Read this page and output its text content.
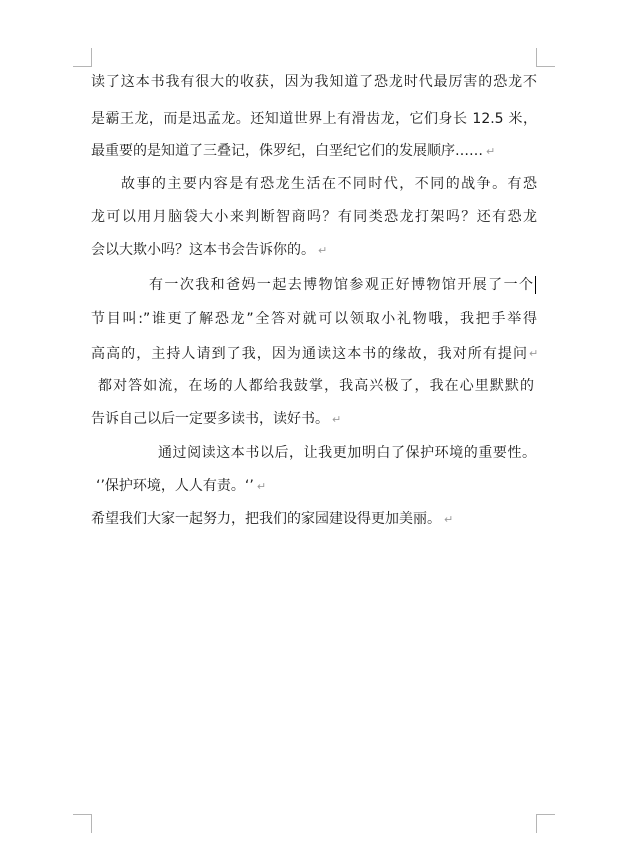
读了这本书我有很大的收获，因为我知道了恐龙时代最厉害的恐龙不
是霸王龙，而是迅孟龙。还知道世界上有滑齿龙，它们身长 12.5 米，
最重要的是知道了三叠记，侏罗纪，白垩纪它们的发展顺序…… ↵
故事的主要内容是有恐龙生活在不同时代，不同的战争。有恐
龙可以用月脑袋大小来判断智商吗？有同类恐龙打架吗？还有恐龙
会以大欺小吗？这本书会告诉你的。 ↵
有一次我和爸妈一起去博物馆参观正好博物馆开展了一个
节目叫:”谁更了解恐龙”全答对就可以领取小礼物哦，我把手举得
高高的，主持人请到了我，因为通读这本书的缘故，我对所有提问 ↵
都对答如流，在场的人都给我鼓掌，我高兴极了，我在心里默默的
告诉自己以后一定要多读书，读好书。 ↵
通过阅读这本书以后，让我更加明白了保护环境的重要性。
‘’保护环境，人人有责。‘’ ↵
希望我们大家一起努力，把我们的家园建设得更加美丽。 ↵
